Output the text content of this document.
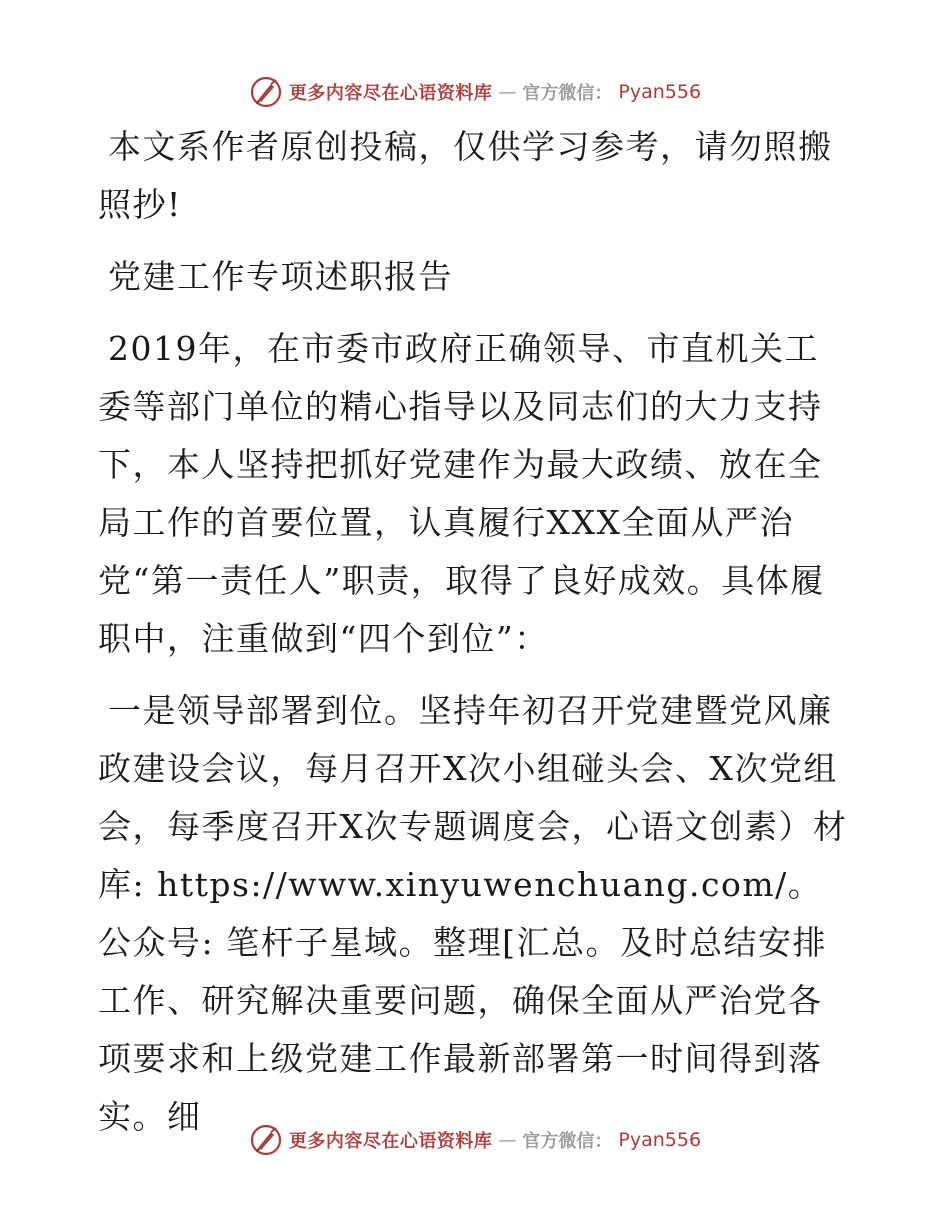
更多内容尽在心语资料库 — 官方微信： Pyan556

本文系作者原创投稿，仅供学习参考，请勿照搬照抄!

党建工作专项述职报告

2019年，在市委市政府正确领导、市直机关工委等部门单位的精心指导以及同志们的大力支持下，本人坚持把抓好党建作为最大政绩、放在全局工作的首要位置，认真履行XXX全面从严治党“第一责任人”职责，取得了良好成效。具体履职中，注重做到“四个到位”：

一是领导部署到位。坚持年初召开党建暨党风廉政建设会议，每月召开X次小组碰头会、X次党组会，每季度召开X次专题调度会，心语文创素）材库: https://www.xinyuwenchuang.com/。公众号: 笔杆子星域。整理[汇总。及时总结安排工作、研究解决重要问题，确保全面从严治党各项要求和上级党建工作最新部署第一时间得到落实。细

更多内容尽在心语资料库 — 官方微信： Pyan556
